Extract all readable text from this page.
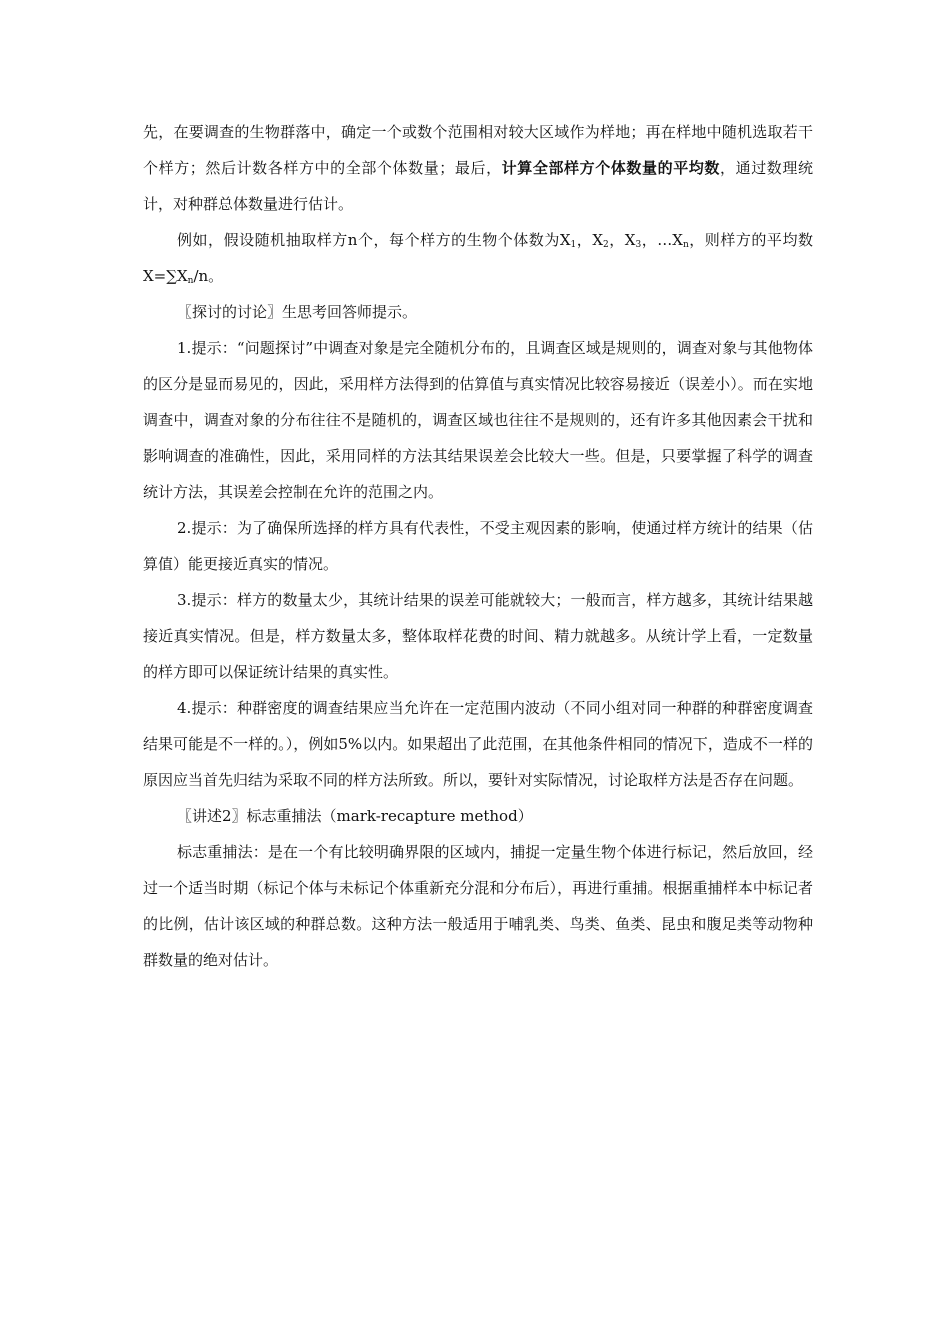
先，在要调查的生物群落中，确定一个或数个范围相对较大区域作为样地；再在样地中随机选取若干个样方；然后计数各样方中的全部个体数量；最后，计算全部样方个体数量的平均数，通过数理统计，对种群总体数量进行估计。

例如，假设随机抽取样方n个，每个样方的生物个体数为$X_1$，$X_2$，$X_3$，$\dots X_n$，则样方的平均数$X=\sum X_n/n$。

〖探讨的讨论〗生思考回答师提示。

1.提示：“问题探讨”中调查对象是完全随机分布的，且调查区域是规则的，调查对象与其他物体的区分是显而易见的，因此，采用样方法得到的估算值与真实情况比较容易接近（误差小）。而在实地调查中，调查对象的分布往往不是随机的，调查区域也往往不是规则的，还有许多其他因素会干扰和影响调查的准确性，因此，采用同样的方法其结果误差会比较大一些。但是，只要掌握了科学的调查统计方法，其误差会控制在允许的范围之内。

2.提示：为了确保所选择的样方具有代表性，不受主观因素的影响，使通过样方统计的结果（估算值）能更接近真实的情况。

3.提示：样方的数量太少，其统计结果的误差可能就较大；一般而言，样方越多，其统计结果越接近真实情况。但是，样方数量太多，整体取样花费的时间、精力就越多。从统计学上看，一定数量的样方即可以保证统计结果的真实性。

4.提示：种群密度的调查结果应当允许在一定范围内波动（不同小组对同一种群的种群密度调查结果可能是不一样的。），例如5%以内。如果超出了此范围，在其他条件相同的情况下，造成不一样的原因应当首先归结为采取不同的样方法所致。所以，要针对实际情况，讨论取样方法是否存在问题。

〖讲述2〗标志重捕法（mark-recapture method）

标志重捕法：是在一个有比较明确界限的区域内，捕捉一定量生物个体进行标记，然后放回，经过一个适当时期（标记个体与未标记个体重新充分混和分布后），再进行重捕。根据重捕样本中标记者的比例，估计该区域的种群总数。这种方法一般适用于哺乳类、鸟类、鱼类、昆虫和腹足类等动物种群数量的绝对估计。
